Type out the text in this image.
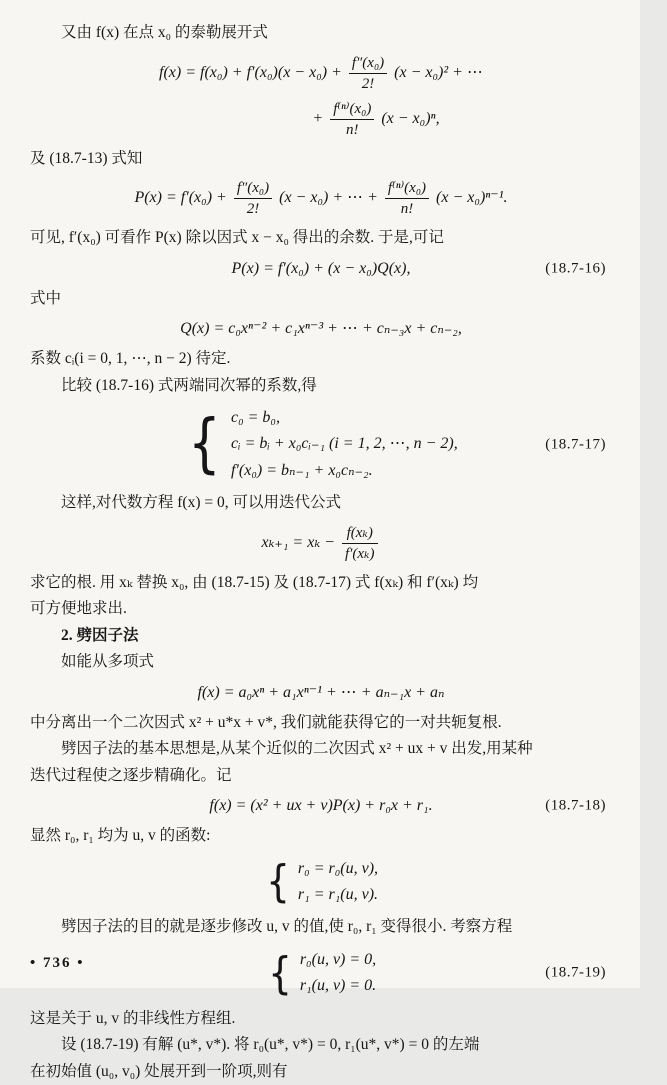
又由 f(x) 在点 x₀ 的泰勒展开式
$f(x) = f(x_0) + f'(x_0)(x - x_0) + \frac{\text{f″(x₀)}}{2!} (x - x_0)^2$ + ⋯
+ $\frac{\text{f⁽ⁿ⁾(x₀)}}{n!} (x - x_0)^n$,
及 (18.7-13) 式知
$P(x) = f'(x_0) + \frac{\text{f″(x₀)}}{2!} (x - x_0)$ + ⋯ + $\frac{\text{f⁽ⁿ⁾(x₀)}}{n!} (x - x_0)^{n-1}$.
可见, f′(x₀) 可看作 P(x) 除以因式 x − x₀ 得出的余数. 于是,可记
P(x) = f′(x₀) + (x − x₀)Q(x),	(18.7-16)
式中
Q(x) = c₀xⁿ⁻² + c₁xⁿ⁻³ + ⋯ + cₙ₋₃x + cₙ₋₂,
系数 cᵢ(i = 0, 1, ⋯, n − 2) 待定.
比较 (18.7-16) 式两端同次幂的系数,得
{ c₀ = b₀,
cᵢ = bᵢ + x₀cᵢ₋₁ (i = 1, 2, ⋯, n − 2),
f′(x₀) = bₙ₋₁ + x₀cₙ₋₂.
(18.7-17)
这样,对代数方程 f(x) = 0, 可以用迭代公式
$x_{k+1} = x_k - \frac{\text{f(xₖ)}}{\text{f′(xₖ)}}$
求它的根. 用 xₖ 替换 x₀, 由 (18.7-15) 及 (18.7-17) 式 f(xₖ) 和 f′(xₖ) 均
可方便地求出.
2. 劈因子法
如能从多项式
f(x) = a₀xⁿ + a₁xⁿ⁻¹ + ⋯ + aₙ₋₁x + aₙ
中分离出一个二次因式 x² + u*x + v*, 我们就能获得它的一对共轭复根.
劈因子法的基本思想是,从某个近似的二次因式 x² + ux + v 出发,用某种
迭代过程使之逐步精确化。记
f(x) = (x² + ux + v)P(x) + r₀x + r₁.	(18.7-18)
显然 r₀, r₁ 均为 u, v 的函数:
{ r₀ = r₀(u, v),
r₁ = r₁(u, v).
劈因子法的目的就是逐步修改 u, v 的值,使 r₀, r₁ 变得很小. 考察方程
{ r₀(u, v) = 0,
r₁(u, v) = 0.
(18.7-19)
这是关于 u, v 的非线性方程组.
设 (18.7-19) 有解 (u*, v*). 将 r₀(u*, v*) = 0, r₁(u*, v*) = 0 的左端
在初始值 (u₀, v₀) 处展开到一阶项,则有
• 736 •
